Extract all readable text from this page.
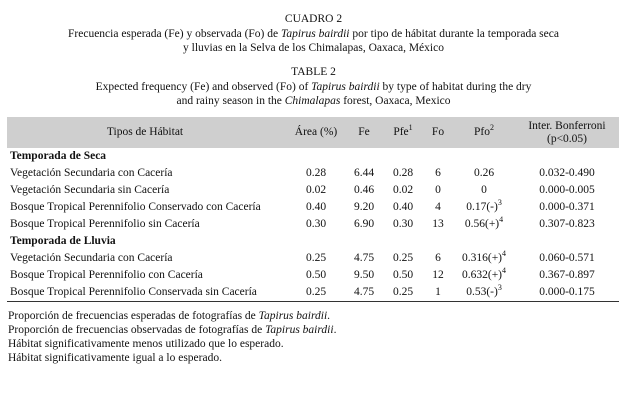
CUADRO 2
Frecuencia esperada (Fe) y observada (Fo) de Tapirus bairdii por tipo de hábitat durante la temporada seca
y lluvias en la Selva de los Chimalapas, Oaxaca, México
TABLE 2
Expected frequency (Fe) and observed (Fo) of Tapirus bairdii by type of habitat during the dry
and rainy season in the Chimalapas forest, Oaxaca, Mexico
Tipos de Hábitat	Área (%)	Fe	Pfe$^1$	Fo	Pfo$^2$	Inter. Bonferroni
(p<0.05)

Temporada de Seca						
Vegetación Secundaria con Cacería	0.28	6.44	0.28	6	0.26	0.032-0.490
Vegetación Secundaria sin Cacería	0.02	0.46	0.02	0	0	0.000-0.005
Bosque Tropical Perennifolio Conservado con Cacería	0.40	9.20	0.40	4	$0.17(-)^3$	0.000-0.371
Bosque Tropical Perennifolio sin Cacería	0.30	6.90	0.30	13	$0.56(+)^4$	0.307-0.823
Temporada de Lluvia						
Vegetación Secundaria con Cacería	0.25	4.75	0.25	6	$0.316(+)^4$	0.060-0.571
Bosque Tropical Perennifolio con Cacería	0.50	9.50	0.50	12	$0.632(+)^4$	0.367-0.897
Bosque Tropical Perennifolio Conservada sin Cacería	0.25	4.75	0.25	1	$0.53(-)^3$	0.000-0.175
Proporción de frecuencias esperadas de fotografías de Tapirus bairdii.
Proporción de frecuencias observadas de fotografías de Tapirus bairdii.
Hábitat significativamente menos utilizado que lo esperado.
Hábitat significativamente igual a lo esperado.
